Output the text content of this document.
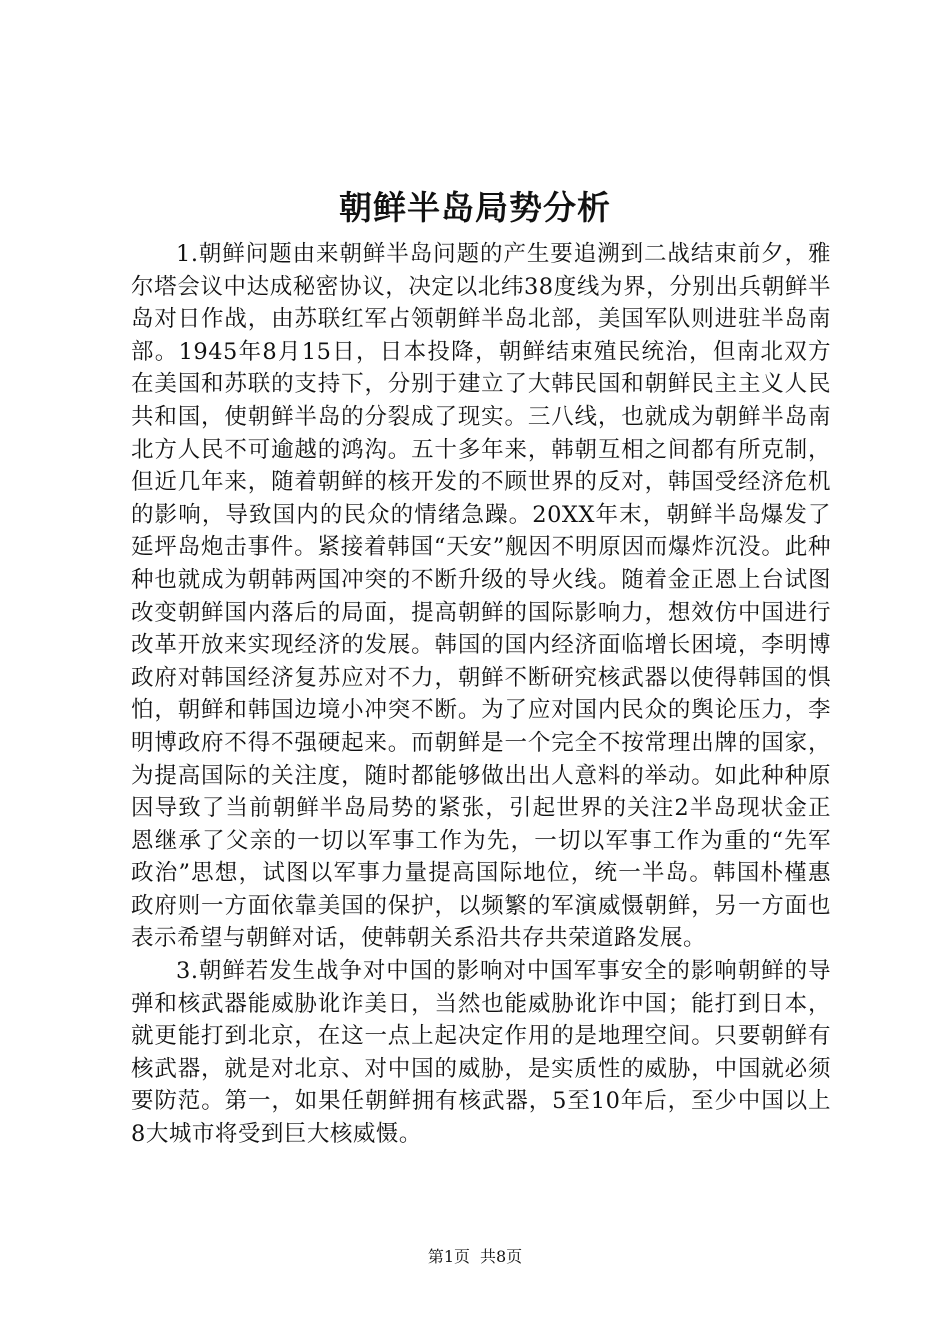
朝鲜半岛局势分析

1.朝鲜问题由来朝鲜半岛问题的产生要追溯到二战结束前夕，雅尔塔会议中达成秘密协议，决定以北纬38度线为界，分别出兵朝鲜半岛对日作战，由苏联红军占领朝鲜半岛北部，美国军队则进驻半岛南部。1945年8月15日，日本投降，朝鲜结束殖民统治，但南北双方在美国和苏联的支持下，分别于建立了大韩民国和朝鲜民主主义人民共和国，使朝鲜半岛的分裂成了现实。三八线，也就成为朝鲜半岛南北方人民不可逾越的鸿沟。五十多年来，韩朝互相之间都有所克制，但近几年来，随着朝鲜的核开发的不顾世界的反对，韩国受经济危机的影响，导致国内的民众的情绪急躁。20XX年末，朝鲜半岛爆发了延坪岛炮击事件。紧接着韩国“天安”舰因不明原因而爆炸沉没。此种种也就成为朝韩两国冲突的不断升级的导火线。随着金正恩上台试图改变朝鲜国内落后的局面，提高朝鲜的国际影响力，想效仿中国进行改革开放来实现经济的发展。韩国的国内经济面临增长困境，李明博政府对韩国经济复苏应对不力，朝鲜不断研究核武器以使得韩国的惧怕，朝鲜和韩国边境小冲突不断。为了应对国内民众的舆论压力，李明博政府不得不强硬起来。而朝鲜是一个完全不按常理出牌的国家，为提高国际的关注度，随时都能够做出出人意料的举动。如此种种原因导致了当前朝鲜半岛局势的紧张，引起世界的关注2半岛现状金正恩继承了父亲的一切以军事工作为先，一切以军事工作为重的“先军政治”思想，试图以军事力量提高国际地位，统一半岛。韩国朴槿惠政府则一方面依靠美国的保护，以频繁的军演威慑朝鲜，另一方面也表示希望与朝鲜对话，使韩朝关系沿共存共荣道路发展。

3.朝鲜若发生战争对中国的影响对中国军事安全的影响朝鲜的导弹和核武器能威胁讹诈美日，当然也能威胁讹诈中国；能打到日本，就更能打到北京，在这一点上起决定作用的是地理空间。只要朝鲜有核武器，就是对北京、对中国的威胁，是实质性的威胁，中国就必须要防范。第一，如果任朝鲜拥有核武器，5至10年后，至少中国以上8大城市将受到巨大核威慑。

第1页 共8页
